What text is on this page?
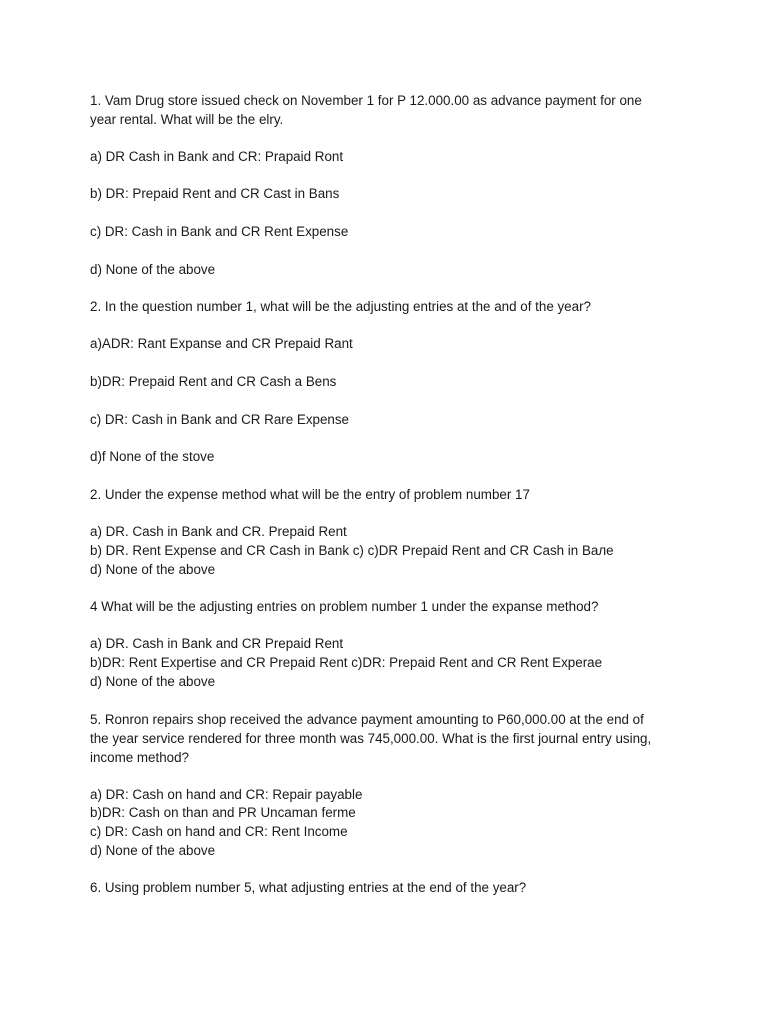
1. Vam Drug store issued check on November 1 for P 12.000.00 as advance payment for one
year rental. What will be the elry.
a) DR Cash in Bank and CR: Prapaid Ront
b) DR: Prepaid Rent and CR Cast in Bans
c) DR: Cash in Bank and CR Rent Expense
d) None of the above
2. In the question number 1, what will be the adjusting entries at the and of the year?
a)ADR: Rant Expanse and CR Prepaid Rant
b)DR: Prepaid Rent and CR Cash a Bens
c) DR: Cash in Bank and CR Rare Expense
d)f None of the stove
2. Under the expense method what will be the entry of problem number 17
a) DR. Cash in Bank and CR. Prepaid Rent
b) DR. Rent Expense and CR Cash in Bank c) c)DR Prepaid Rent and CR Cash in Вале
d) None of the above
4 What will be the adjusting entries on problem number 1 under the expanse method?
a) DR. Cash in Bank and CR Prepaid Rent
b)DR: Rent Expertise and CR Prepaid Rent c)DR: Prepaid Rent and CR Rent Experae
d) None of the above
5. Ronron repairs shop received the advance payment amounting to P60,000.00 at the end of
the year service rendered for three month was 745,000.00. What is the first journal entry using,
income method?
a) DR: Cash on hand and CR: Repair payable
b)DR: Cash on than and PR Uncaman ferme
c) DR: Cash on hand and CR: Rent Income
d) None of the above
6. Using problem number 5, what adjusting entries at the end of the year?
